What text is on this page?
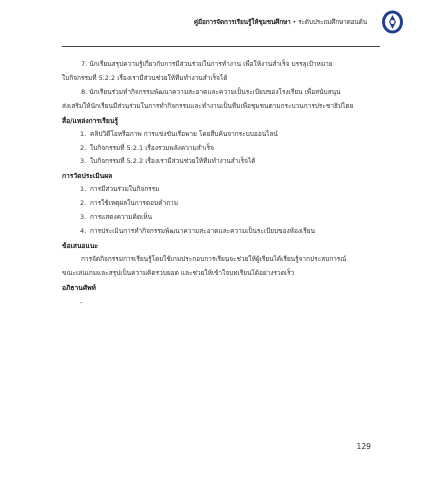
คู่มือการจัดการเรียนรู้ให้ชุมชนศึกษา • ระดับประถมศึกษาตอนต้น
7. นักเรียนสรุปความรู้เกี่ยวกับการมีส่วนร่วมในการทำงาน เพื่อให้งานสำเร็จ บรรลุเป้าหมาย
ใบกิจกรรมที่ 5.2.2 เรื่องเรามีส่วนช่วยให้ทีมทำงานสำเร็จได้
8. นักเรียนร่วมทำกิจกรรมพัฒนาความสะอาดและความเป็นระเบียบของโรงเรียน เพื่อสนับสนุน
ส่งเสริมให้นักเรียนมีส่วนร่วมในการทำกิจกรรมและทำงานเป็นทีมเพื่อชุมชนตามกระบวนการประชาธิปไตย
สื่อ/แหล่งการเรียนรู้
1. คลิปวิดีโอหรือภาพ การแข่งขันเรือพาย โดยสืบค้นจากระบบออนไลน์
2. ใบกิจกรรมที่ 5.2.1 เรื่องรวมพลังความสำเร็จ
3. ใบกิจกรรมที่ 5.2.2 เรื่องเรามีส่วนช่วยให้ทีมทำงานสำเร็จได้
การวัดประเมินผล
1. การมีส่วนร่วมในกิจกรรม
2. การใช้เหตุผลในการตอบคำถาม
3. การแสดงความคิดเห็น
4. การประเมินการทำกิจกรรมพัฒนาความสะอาดและความเป็นระเบียบของห้องเรียน
ข้อเสนอแนะ
การจัดกิจกรรมการเรียนรู้โดยใช้เกมประกอบการเรียนจะช่วยให้ผู้เรียนได้เรียนรู้จากประสบการณ์
ขณะเล่นเกมและสรุปเป็นความคิดรวบยอด และช่วยให้เข้าใจบทเรียนได้อย่างรวดเร็ว
อภิธานศัพท์
-
129
